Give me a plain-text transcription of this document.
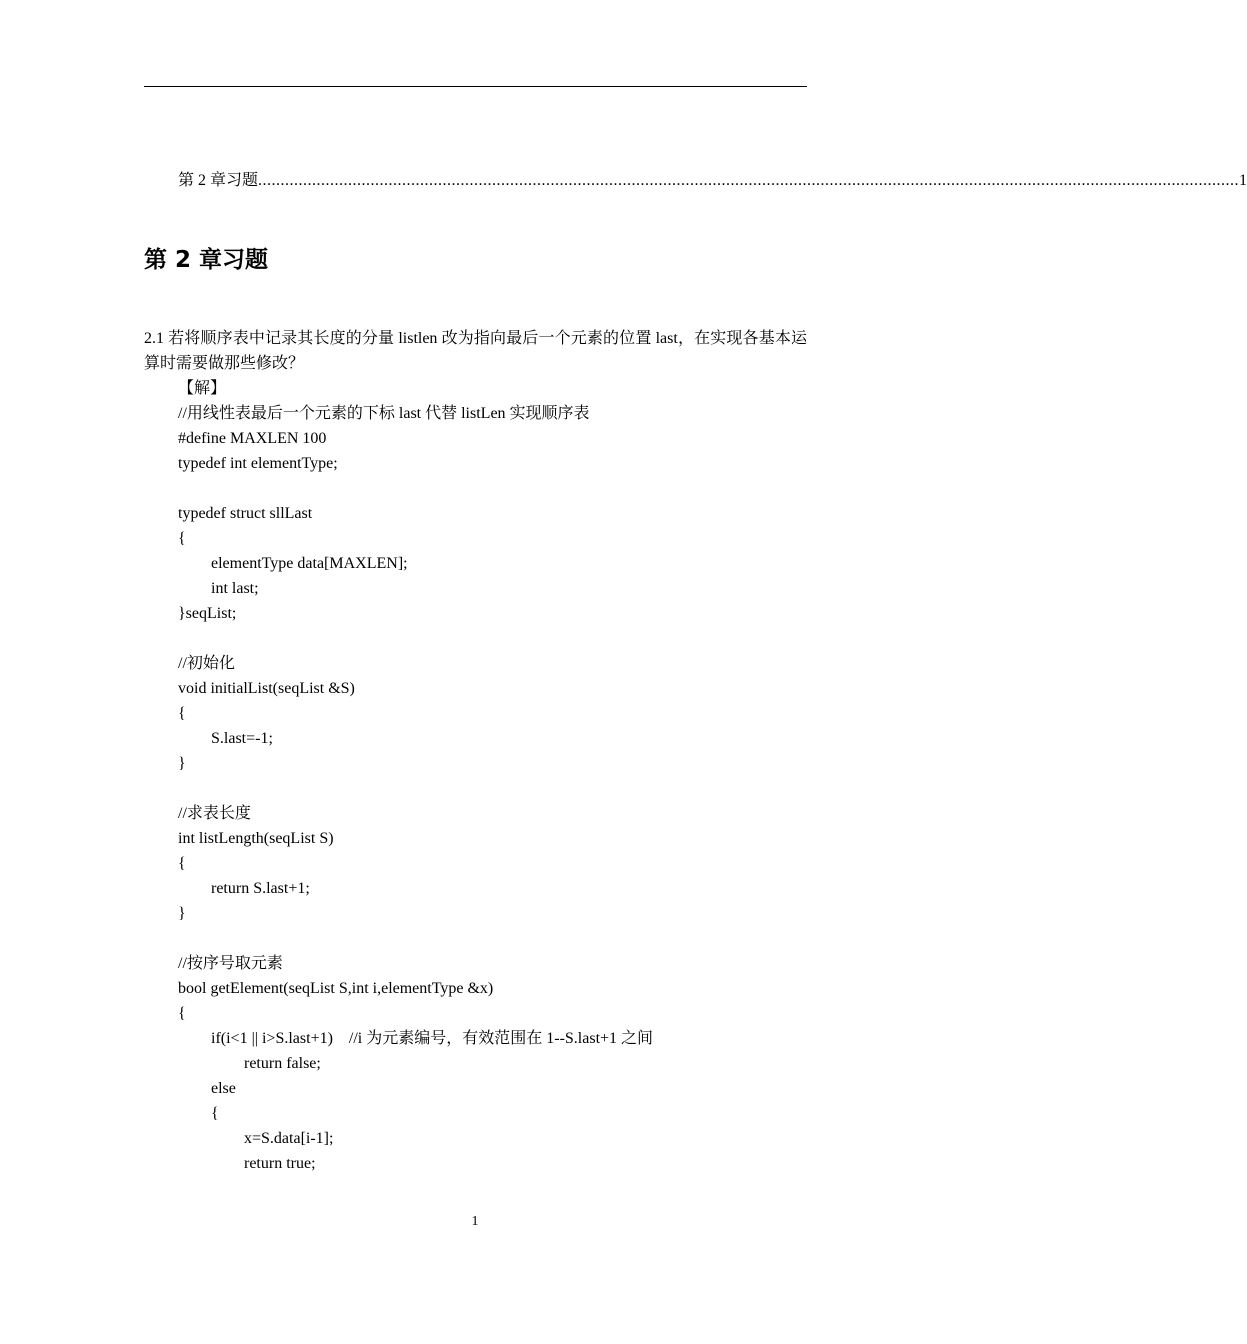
第 2 章习题 .......................................................................................................................................................................................................................... 1
第 2 章习题

2.1 若将顺序表中记录其长度的分量 listlen 改为指向最后一个元素的位置 last，在实现各基本运算时需要做那些修改？

【解】
//用线性表最后一个元素的下标 last 代替 listLen 实现顺序表
#define MAXLEN 100
typedef int elementType;
typedef struct sllLast
{
elementType data[MAXLEN];
int last;
}seqList;
//初始化
void initialList(seqList &S)
{
S.last=-1;
}
//求表长度
int listLength(seqList S)
{
return S.last+1;
}
//按序号取元素
bool getElement(seqList S,int i,elementType &x)
{
if(i<1 || i>S.last+1)    //i 为元素编号，有效范围在 1--S.last+1 之间
return false;
else
{
x=S.data[i-1];
return true;
1
